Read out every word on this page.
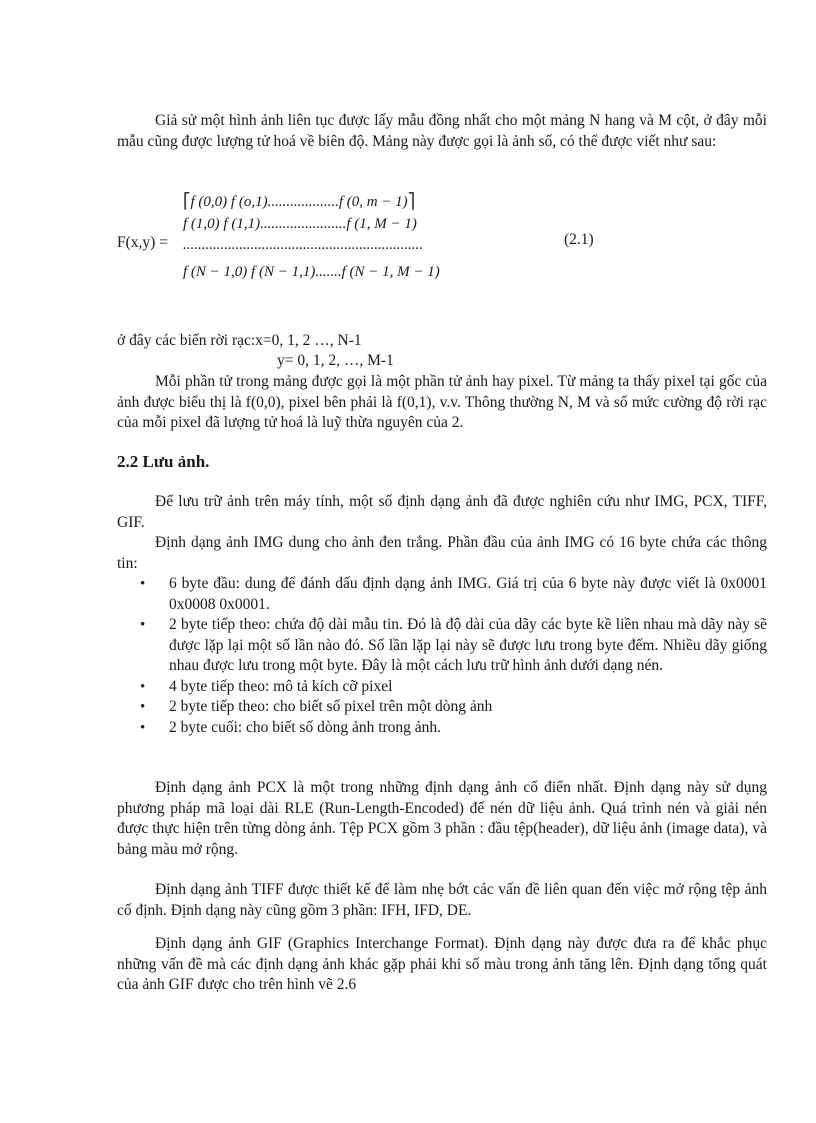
Giả sử một hình ảnh liên tục được lấy mẫu đồng nhất cho một mảng N hang và M cột, ở đây mỗi mẫu cũng được lượng tử hoá về biên độ. Mảng này được gọi là ảnh số, có thể được viết như sau:

F(x,y) =
⎡f (0,0) f (o,1)...................f (0, m − 1)⎤
f (1,0) f (1,1).......................f (1, M − 1)
................................................................
f (N − 1,0) f (N − 1,1).......f (N − 1, M − 1)
(2.1)

ở đây các biến rời rạc:x=0, 1, 2 …, N-1

y= 0, 1, 2, …, M-1

Mỗi phần tử trong mảng được gọi là một phần tử ảnh hay pixel. Từ mảng ta thấy pixel tại gốc của ảnh được biểu thị là f(0,0), pixel bên phải là f(0,1), v.v. Thông thường N, M và số mức cường độ rời rạc của mỗi pixel đã lượng tử hoá là luỹ thừa nguyên của 2.

2.2 Lưu ảnh.

Để lưu trữ ảnh trên máy tính, một số định dạng ảnh đã được nghiên cứu như IMG, PCX, TIFF, GIF.

Định dạng ảnh IMG dung cho ảnh đen trắng. Phần đầu của ảnh IMG có 16 byte chứa các thông tin:

• 6 byte đầu: dung để đánh dấu định dạng ảnh IMG. Giá trị của 6 byte này được viết là 0x0001 0x0008 0x0001.
• 2 byte tiếp theo: chứa độ dài mẫu tin. Đó là độ dài của dãy các byte kề liền nhau mà dãy này sẽ được lặp lại một số lần nào đó. Số lần lặp lại này sẽ được lưu trong byte đếm. Nhiều dãy giống nhau được lưu trong một byte. Đây là một cách lưu trữ hình ảnh dưới dạng nén.
• 4 byte tiếp theo: mô tả kích cỡ pixel
• 2 byte tiếp theo: cho biết số pixel trên một dòng ảnh
• 2 byte cuối: cho biết số dòng ảnh trong ảnh.

Định dạng ảnh PCX là một trong những định dạng ảnh cổ điển nhất. Định dạng này sử dụng phương pháp mã loại dài RLE (Run-Length-Encoded) để nén dữ liệu ảnh. Quá trình nén và giải nén được thực hiện trên từng dòng ảnh. Tệp PCX gồm 3 phần : đầu tệp(header), dữ liệu ảnh (image data), và bảng màu mở rộng.

Định dạng ảnh TIFF được thiết kế để làm nhẹ bớt các vấn đề liên quan đến việc mở rộng tệp ảnh cố định. Định dạng này cũng gồm 3 phần: IFH, IFD, DE.

Định dạng ảnh GIF (Graphics Interchange Format). Định dạng này được đưa ra để khắc phục những vấn đề mà các định dạng ảnh khác gặp phải khi số màu trong ảnh tăng lên. Định dạng tổng quát của ảnh GIF được cho trên hình vẽ 2.6
